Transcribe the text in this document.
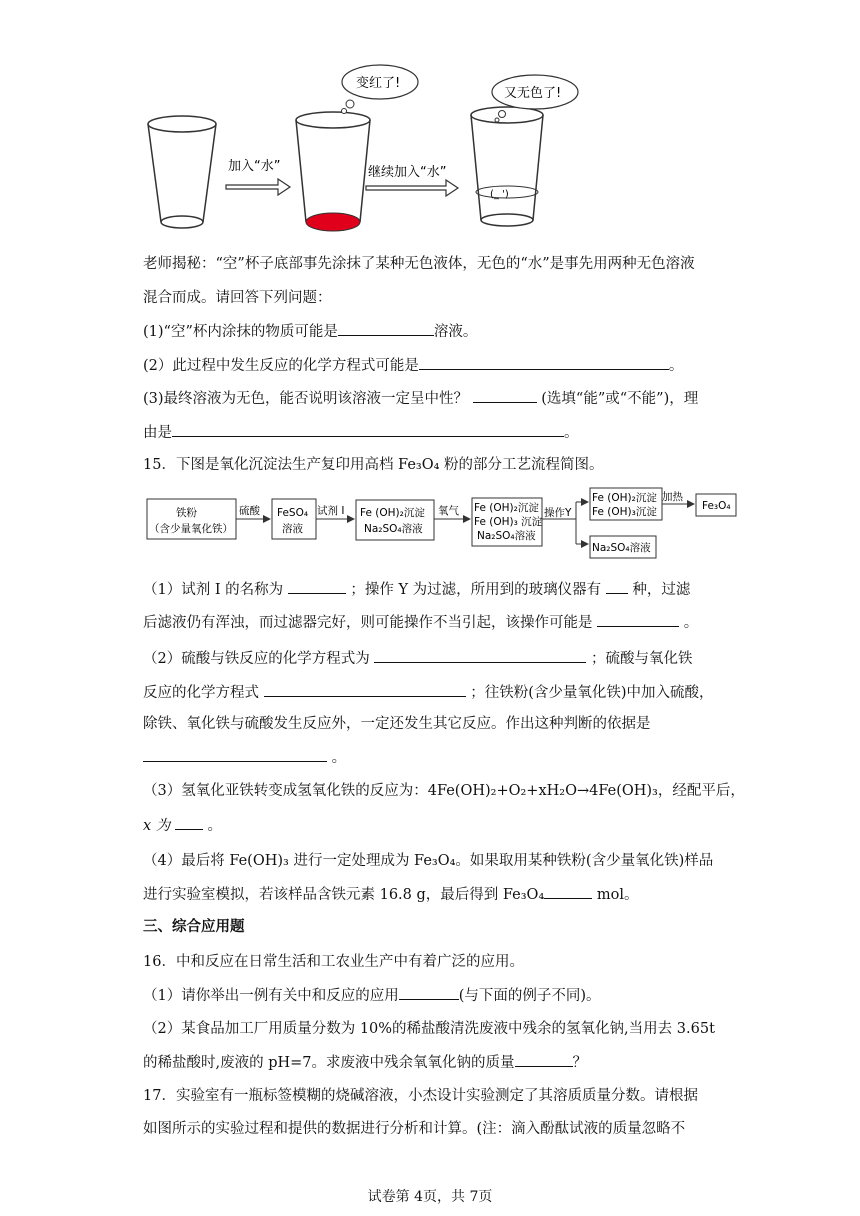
加入“水”
变红了!
继续加入“水”
(_ ')
又无色了!
老师揭秘：“空”杯子底部事先涂抹了某种无色液体，无色的“水”是事先用两种无色溶液
混合而成。请回答下列问题：
(1)“空”杯内涂抹的物质可能是	溶液。
(2）此过程中发生反应的化学方程式可能是	。
(3)最终溶液为无色，能否说明该溶液一定呈中性？	(选填“能”或“不能”)，理
由是	。
15．下图是氧化沉淀法生产复印用高档 Fe₃O₄ 粉的部分工艺流程简图。
铁粉
（含少量氧化铁）
硫酸 FeSO₄
溶液
试剂 I Fe (OH)₂沉淀
Na₂SO₄溶液
氧气 Fe (OH)₂沉淀
Fe (OH)₃ 沉淀
Na₂SO₄溶液
操作Y
Fe (OH)₂沉淀
Fe (OH)₃沉淀
加热
Fe₃O₄
Na₂SO₄溶液
（1）试剂 I 的名称为	；操作 Y 为过滤，所用到的玻璃仪器有 种，过滤
后滤液仍有浑浊，而过滤器完好，则可能操作不当引起，该操作可能是	。
（2）硫酸与铁反应的化学方程式为	；硫酸与氧化铁
反应的化学方程式	；往铁粉(含少量氧化铁)中加入硫酸，
除铁、氧化铁与硫酸发生反应外，一定还发生其它反应。作出这种判断的依据是
。
（3）氢氧化亚铁转变成氢氧化铁的反应为：4Fe(OH)₂+O₂+xH₂O→4Fe(OH)₃，经配平后，
x 为	。
（4）最后将 Fe(OH)₃ 进行一定处理成为 Fe₃O₄。如果取用某种铁粉(含少量氧化铁)样品
进行实验室模拟，若该样品含铁元素 16.8 g，最后得到 Fe₃O₄	mol。
三、综合应用题
16．中和反应在日常生活和工农业生产中有着广泛的应用。
（1）请你举出一例有关中和反应的应用	(与下面的例子不同)。
（2）某食品加工厂用质量分数为 10%的稀盐酸清洗废液中残余的氢氧化钠,当用去 3.65t
的稀盐酸时,废液的 pH=7。求废液中残余氧氧化钠的质量	？
17．实验室有一瓶标签模糊的烧碱溶液，小杰设计实验测定了其溶质质量分数。请根据
如图所示的实验过程和提供的数据进行分析和计算。(注：滴入酚酞试液的质量忽略不
试卷第 4页，共 7页
